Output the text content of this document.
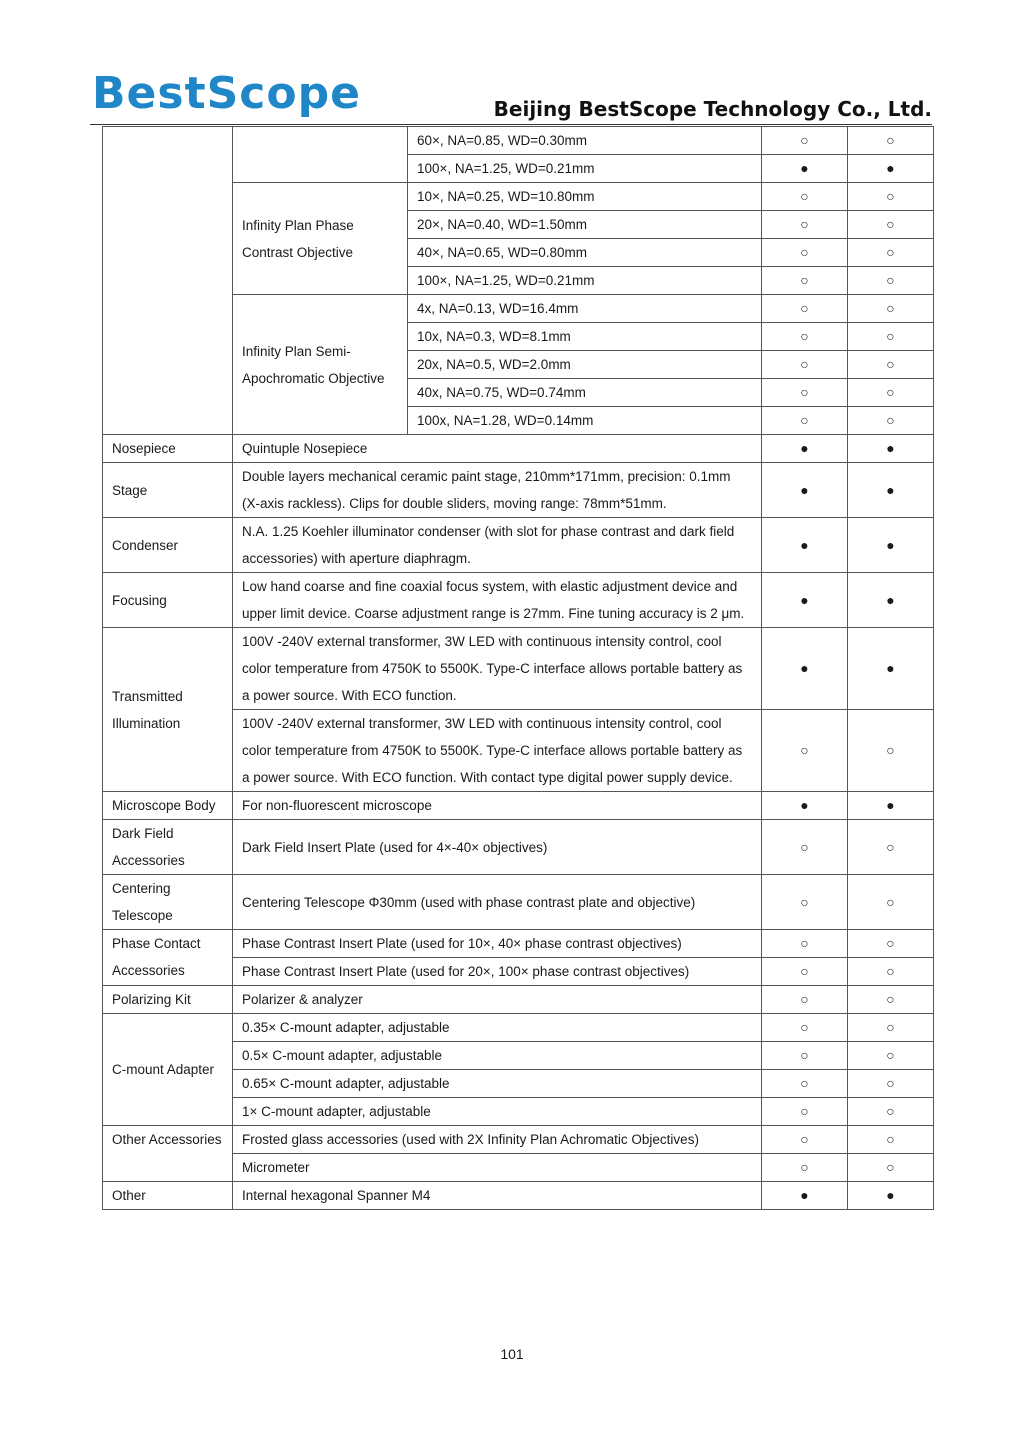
BestScope	Beijing BestScope Technology Co., Ltd.
		60×, NA=0.85, WD=0.30mm	○	○
		100×, NA=1.25, WD=0.21mm	●	●
	Infinity Plan Phase Contrast Objective	10×, NA=0.25, WD=10.80mm	○	○
		20×, NA=0.40, WD=1.50mm	○	○
		40×, NA=0.65, WD=0.80mm	○	○
		100×, NA=1.25, WD=0.21mm	○	○
	Infinity Plan Semi-Apochromatic Objective	4x, NA=0.13, WD=16.4mm	○	○
		10x, NA=0.3, WD=8.1mm	○	○
		20x, NA=0.5, WD=2.0mm	○	○
		40x, NA=0.75, WD=0.74mm	○	○
		100x, NA=1.28, WD=0.14mm	○	○
Nosepiece	Quintuple Nosepiece		●	●
Stage	Double layers mechanical ceramic paint stage, 210mm*171mm, precision: 0.1mm (X-axis rackless). Clips for double sliders, moving range: 78mm*51mm.		●	●
Condenser	N.A. 1.25 Koehler illuminator condenser (with slot for phase contrast and dark field accessories) with aperture diaphragm.		●	●
Focusing	Low hand coarse and fine coaxial focus system, with elastic adjustment device and upper limit device. Coarse adjustment range is 27mm. Fine tuning accuracy is 2 μm.		●	●
Transmitted Illumination	100V -240V external transformer, 3W LED with continuous intensity control, cool color temperature from 4750K to 5500K. Type-C interface allows portable battery as a power source. With ECO function.		●	●
	100V -240V external transformer, 3W LED with continuous intensity control, cool color temperature from 4750K to 5500K. Type-C interface allows portable battery as a power source. With ECO function. With contact type digital power supply device.		○	○
Microscope Body	For non-fluorescent microscope		●	●
Dark Field Accessories	Dark Field Insert Plate (used for 4×-40× objectives)		○	○
Centering Telescope	Centering Telescope Φ30mm (used with phase contrast plate and objective)		○	○
Phase Contact Accessories	Phase Contrast Insert Plate (used for 10×, 40× phase contrast objectives)		○	○
	Phase Contrast Insert Plate (used for 20×, 100× phase contrast objectives)		○	○
Polarizing Kit	Polarizer & analyzer		○	○
C-mount Adapter	0.35× C-mount adapter, adjustable		○	○
	0.5× C-mount adapter, adjustable		○	○
	0.65× C-mount adapter, adjustable		○	○
	1× C-mount adapter, adjustable		○	○
Other Accessories	Frosted glass accessories (used with 2X Infinity Plan Achromatic Objectives)		○	○
	Micrometer		○	○
Other	Internal hexagonal Spanner M4		●	●
101
